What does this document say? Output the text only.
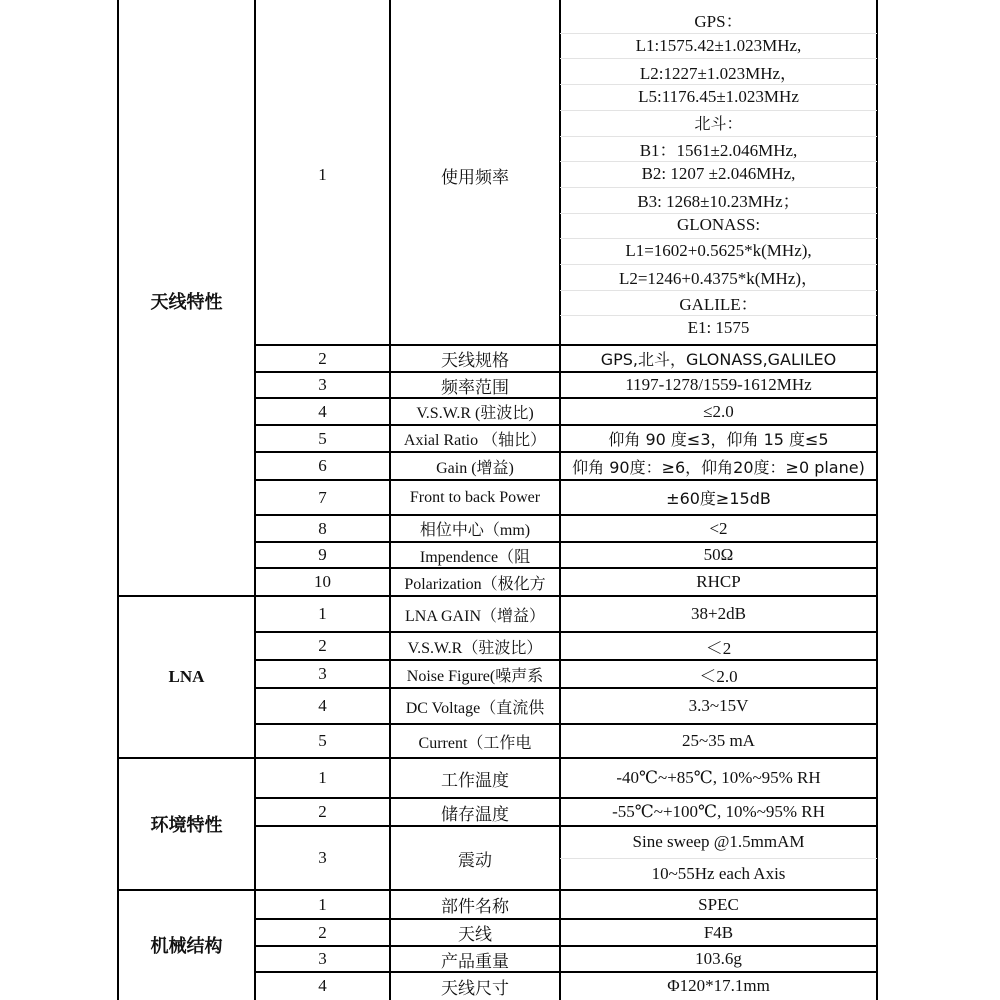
天线特性
1	使用频率
GPS：
L1:1575.42±1.023MHz,
L2:1227±1.023MHz，
L5:1176.45±1.023MHz
北斗：
B1：1561±2.046MHz,
B2: 1207 ±2.046MHz,
B3: 1268±10.23MHz；
GLONASS:
L1=1602+0.5625*k(MHz),
L2=1246+0.4375*k(MHz)，
GALILE：
E1: 1575
2	天线规格	GPS,北斗，GLONASS,GALILEO
3	频率范围	1197-1278/1559-1612MHz
4	V.S.W.R (驻波比)	≤2.0
5	Axial Ratio （轴比）	仰角 90 度≤3，仰角 15 度≤5
6	Gain (增益)	仰角 90度：≥6，仰角20度：≥0 plane)
7	Front to back Power	±60度≥15dB
8	相位中心（mm)	<2
9	Impendence（阻	50Ω
10	Polarization（极化方	RHCP
LNA
1	LNA GAIN（增益）	38+2dB
2	V.S.W.R（驻波比）	＜2
3	Noise Figure(噪声系	＜2.0
4	DC Voltage（直流供	3.3~15V
5	Current（工作电	25~35 mA
环境特性
1	工作温度	-40℃~+85℃, 10%~95% RH
2	储存温度	-55℃~+100℃, 10%~95% RH
3	震动
Sine sweep @1.5mmAM
10~55Hz each Axis
机械结构
1	部件名称	SPEC
2	天线	F4B
3	产品重量	103.6g
4	天线尺寸	Φ120*17.1mm
